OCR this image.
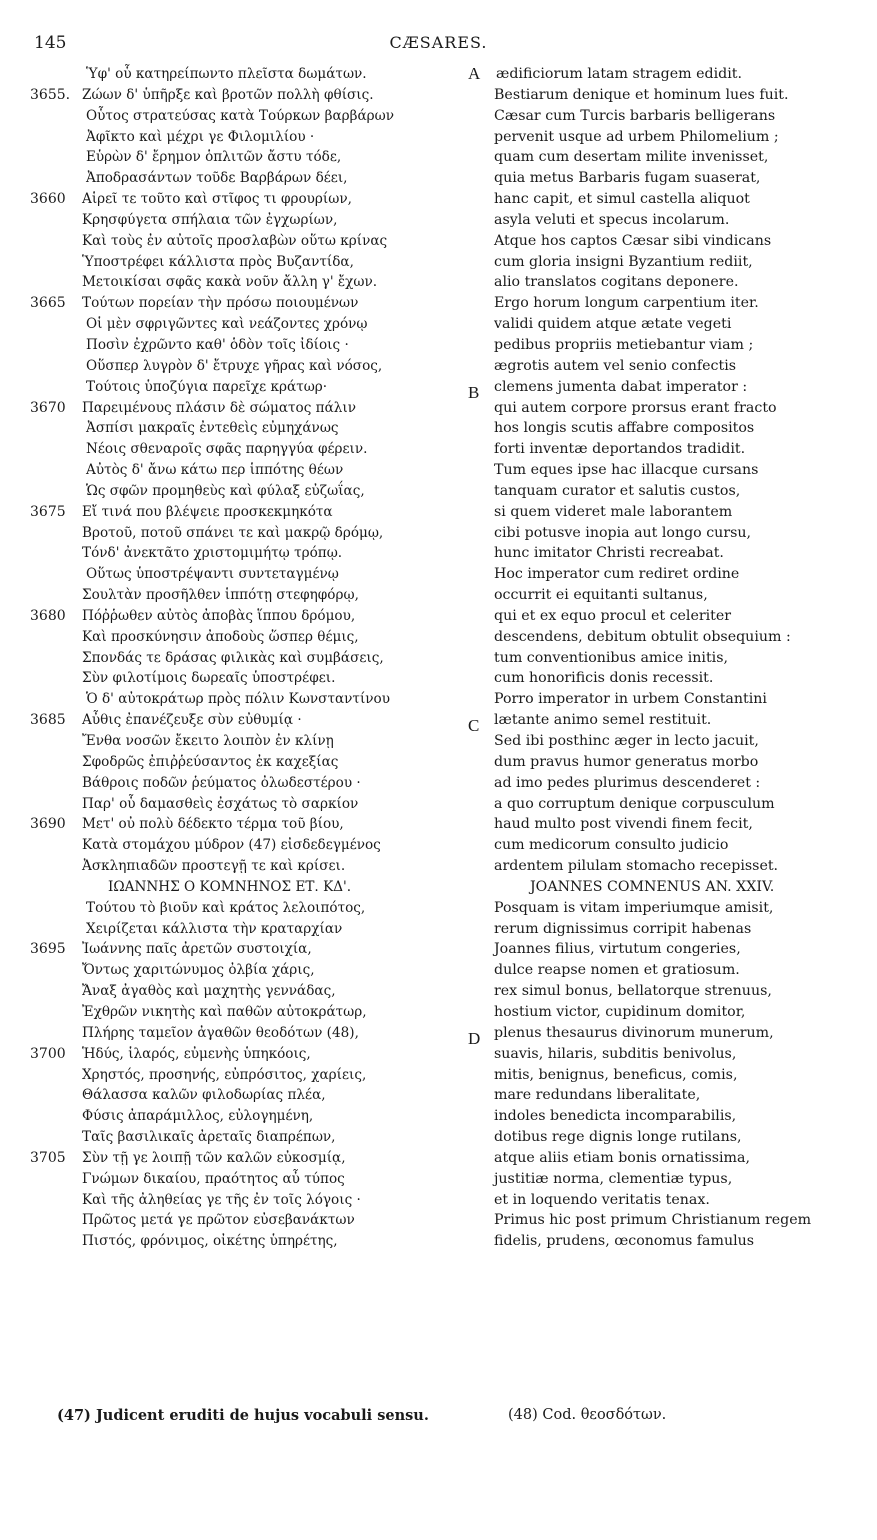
145	CÆSARES.
Ὑφ' οὗ κατηρείπωντο πλεῖστα δωμάτων.
3655. Ζώων δ' ὑπῆρξε καὶ βροτῶν πολλὴ φθίσις.
Οὗτος στρατεύσας κατὰ Τούρκων βαρβάρων
Ἀφῖκτο καὶ μέχρι γε Φιλομιλίου ·
Εὑρὼν δ' ἔρημον ὁπλιτῶν ἄστυ τόδε,
Ἀποδρασάντων τοῦδε Βαρβάρων δέει,
3660 Αἱρεῖ τε τοῦτο καὶ στῖφος τι φρουρίων,
Κρησφύγετα σπήλαια τῶν ἐγχωρίων,
Καὶ τοὺς ἐν αὐτοῖς προσλαβὼν οὕτω κρίνας
Ὑποστρέφει κάλλιστα πρὸς Βυζαντίδα,
Μετοικίσαι σφᾶς κακὰ νοῦν ἄλλη γ' ἔχων.
3665 Τούτων πορείαν τὴν πρόσω ποιουμένων
Οἱ μὲν σφριγῶντες καὶ νεάζοντες χρόνῳ
Ποσὶν ἐχρῶντο καθ' ὁδὸν τοῖς ἰδίοις ·
Οὕσπερ λυγρὸν δ' ἔτρυχε γῆρας καὶ νόσος,
Τούτοις ὑποζύγια παρεῖχε κράτωρ·
3670 Παρειμένους πλάσιν δὲ σώματος πάλιν
Ἀσπίσι μακραῖς ἐντεθεὶς εὐμηχάνως
Νέοις σθεναροῖς σφᾶς παρηγγύα φέρειν.
Αὐτὸς δ' ἄνω κάτω περ ἱππότης θέων
Ὡς σφῶν προμηθεὺς καὶ φύλαξ εὐζωΐας,
3675 Εἴ τινά που βλέψειε προσκεκμηκότα
Βροτοῦ, ποτοῦ σπάνει τε καὶ μακρῷ δρόμῳ,
Τόνδ' ἀνεκτᾶτο χριστομιμήτῳ τρόπῳ.
Οὕτως ὑποστρέψαντι συντεταγμένῳ
Σουλτὰν προσῆλθεν ἱππότῃ στεφηφόρῳ,
3680 Πόῤῥωθεν αὐτὸς ἀποβὰς ἵππου δρόμου,
Καὶ προσκύνησιν ἀποδοὺς ὥσπερ θέμις,
Σπονδάς τε δράσας φιλικὰς καὶ συμβάσεις,
Σὺν φιλοτίμοις δωρεαῖς ὑποστρέφει.
Ὁ δ' αὐτοκράτωρ πρὸς πόλιν Κωνσταντίνου
3685 Αὖθις ἐπανέζευξε σὺν εὐθυμίᾳ ·
Ἔνθα νοσῶν ἔκειτο λοιπὸν ἐν κλίνῃ
Σφοδρῶς ἐπιῤῥεύσαντος ἐκ καχεξίας
Βάθροις ποδῶν ῥεύματος ὀλωδεστέρου ·
Παρ' οὗ δαμασθεὶς ἐσχάτως τὸ σαρκίον
3690 Μετ' οὐ πολὺ δέδεκτο τέρμα τοῦ βίου,
Κατὰ στομάχου μύδρον (47) εἰσδεδεγμένος
Ἀσκληπιαδῶν προστεγῇ τε καὶ κρίσει.
ΙΩΑΝΝΗΣ Ο ΚΟΜΝΗΝΟΣ ΕΤ. ΚΔ'.
Τούτου τὸ βιοῦν καὶ κράτος λελοιπότος,
Χειρίζεται κάλλιστα τὴν κραταρχίαν
3695 Ἰωάννης παῖς ἀρετῶν συστοιχία,
Ὄντως χαριτώνυμος ὀλβία χάρις,
Ἄναξ ἀγαθὸς καὶ μαχητὴς γεννάδας,
Ἐχθρῶν νικητὴς καὶ παθῶν αὐτοκράτωρ,
Πλήρης ταμεῖον ἀγαθῶν θεοδότων (48),
3700 Ἡδύς, ἱλαρός, εὐμενὴς ὑπηκόοις,
Χρηστός, προσηνής, εὐπρόσιτος, χαρίεις,
Θάλασσα καλῶν φιλοδωρίας πλέα,
Φύσις ἀπαράμιλλος, εὐλογημένη,
Ταῖς βασιλικαῖς ἀρεταῖς διαπρέπων,
3705 Σὺν τῇ γε λοιπῇ τῶν καλῶν εὐκοσμίᾳ,
Γνώμων δικαίου, πραότητος αὖ τύπος
Καὶ τῆς ἀληθείας γε τῆς ἐν τοῖς λόγοις ·
Πρῶτος μετά γε πρῶτον εὐσεβανάκτων
Πιστός, φρόνιμος, οἰκέτης ὑπηρέτης,
A ædificiorum latam stragem edidit.
Bestiarum denique et hominum lues fuit.
Cæsar cum Turcis barbaris belligerans
pervenit usque ad urbem Philomelium ;
quam cum desertam milite invenisset,
quia metus Barbaris fugam suaserat,
hanc capit, et simul castella aliquot
asyla veluti et specus incolarum.
Atque hos captos Cæsar sibi vindicans
cum gloria insigni Byzantium rediit,
alio translatos cogitans deponere.
Ergo horum longum carpentium iter.
validi quidem atque ætate vegeti
pedibus propriis metiebantur viam ;
ægrotis autem vel senio confectis
B clemens jumenta dabat imperator :
qui autem corpore prorsus erant fracto
hos longis scutis affabre compositos
forti inventæ deportandos tradidit.
Tum eques ipse hac illacque cursans
tanquam curator et salutis custos,
si quem videret male laborantem
cibi potusve inopia aut longo cursu,
hunc imitator Christi recreabat.
Hoc imperator cum rediret ordine
occurrit ei equitanti sultanus,
qui et ex equo procul et celeriter
descendens, debitum obtulit obsequium :
tum conventionibus amice initis,
cum honorificis donis recessit.
Porro imperator in urbem Constantini
C lætante animo semel restituit.
Sed ibi posthinc æger in lecto jacuit,
dum pravus humor generatus morbo
ad imo pedes plurimus descenderet :
a quo corruptum denique corpusculum
haud multo post vivendi finem fecit,
cum medicorum consulto judicio
ardentem pilulam stomacho recepisset.
JOANNES COMNENUS AN. XXIV.
Posquam is vitam imperiumque amisit,
rerum dignissimus corripit habenas
Joannes filius, virtutum congeries,
dulce reapse nomen et gratiosum.
rex simul bonus, bellatorque strenuus,
hostium victor, cupidinum domitor,
D plenus thesaurus divinorum munerum,
suavis, hilaris, subditis benivolus,
mitis, benignus, beneficus, comis,
mare redundans liberalitate,
indoles benedicta incomparabilis,
dotibus rege dignis longe rutilans,
atque aliis etiam bonis ornatissima,
justitiæ norma, clementiæ typus,
et in loquendo veritatis tenax.
Primus hic post primum Christianum regem
fidelis, prudens, œconomus famulus
(47) Judicent eruditi de hujus vocabuli sensu.	(48) Cod. θεοσδότων.
